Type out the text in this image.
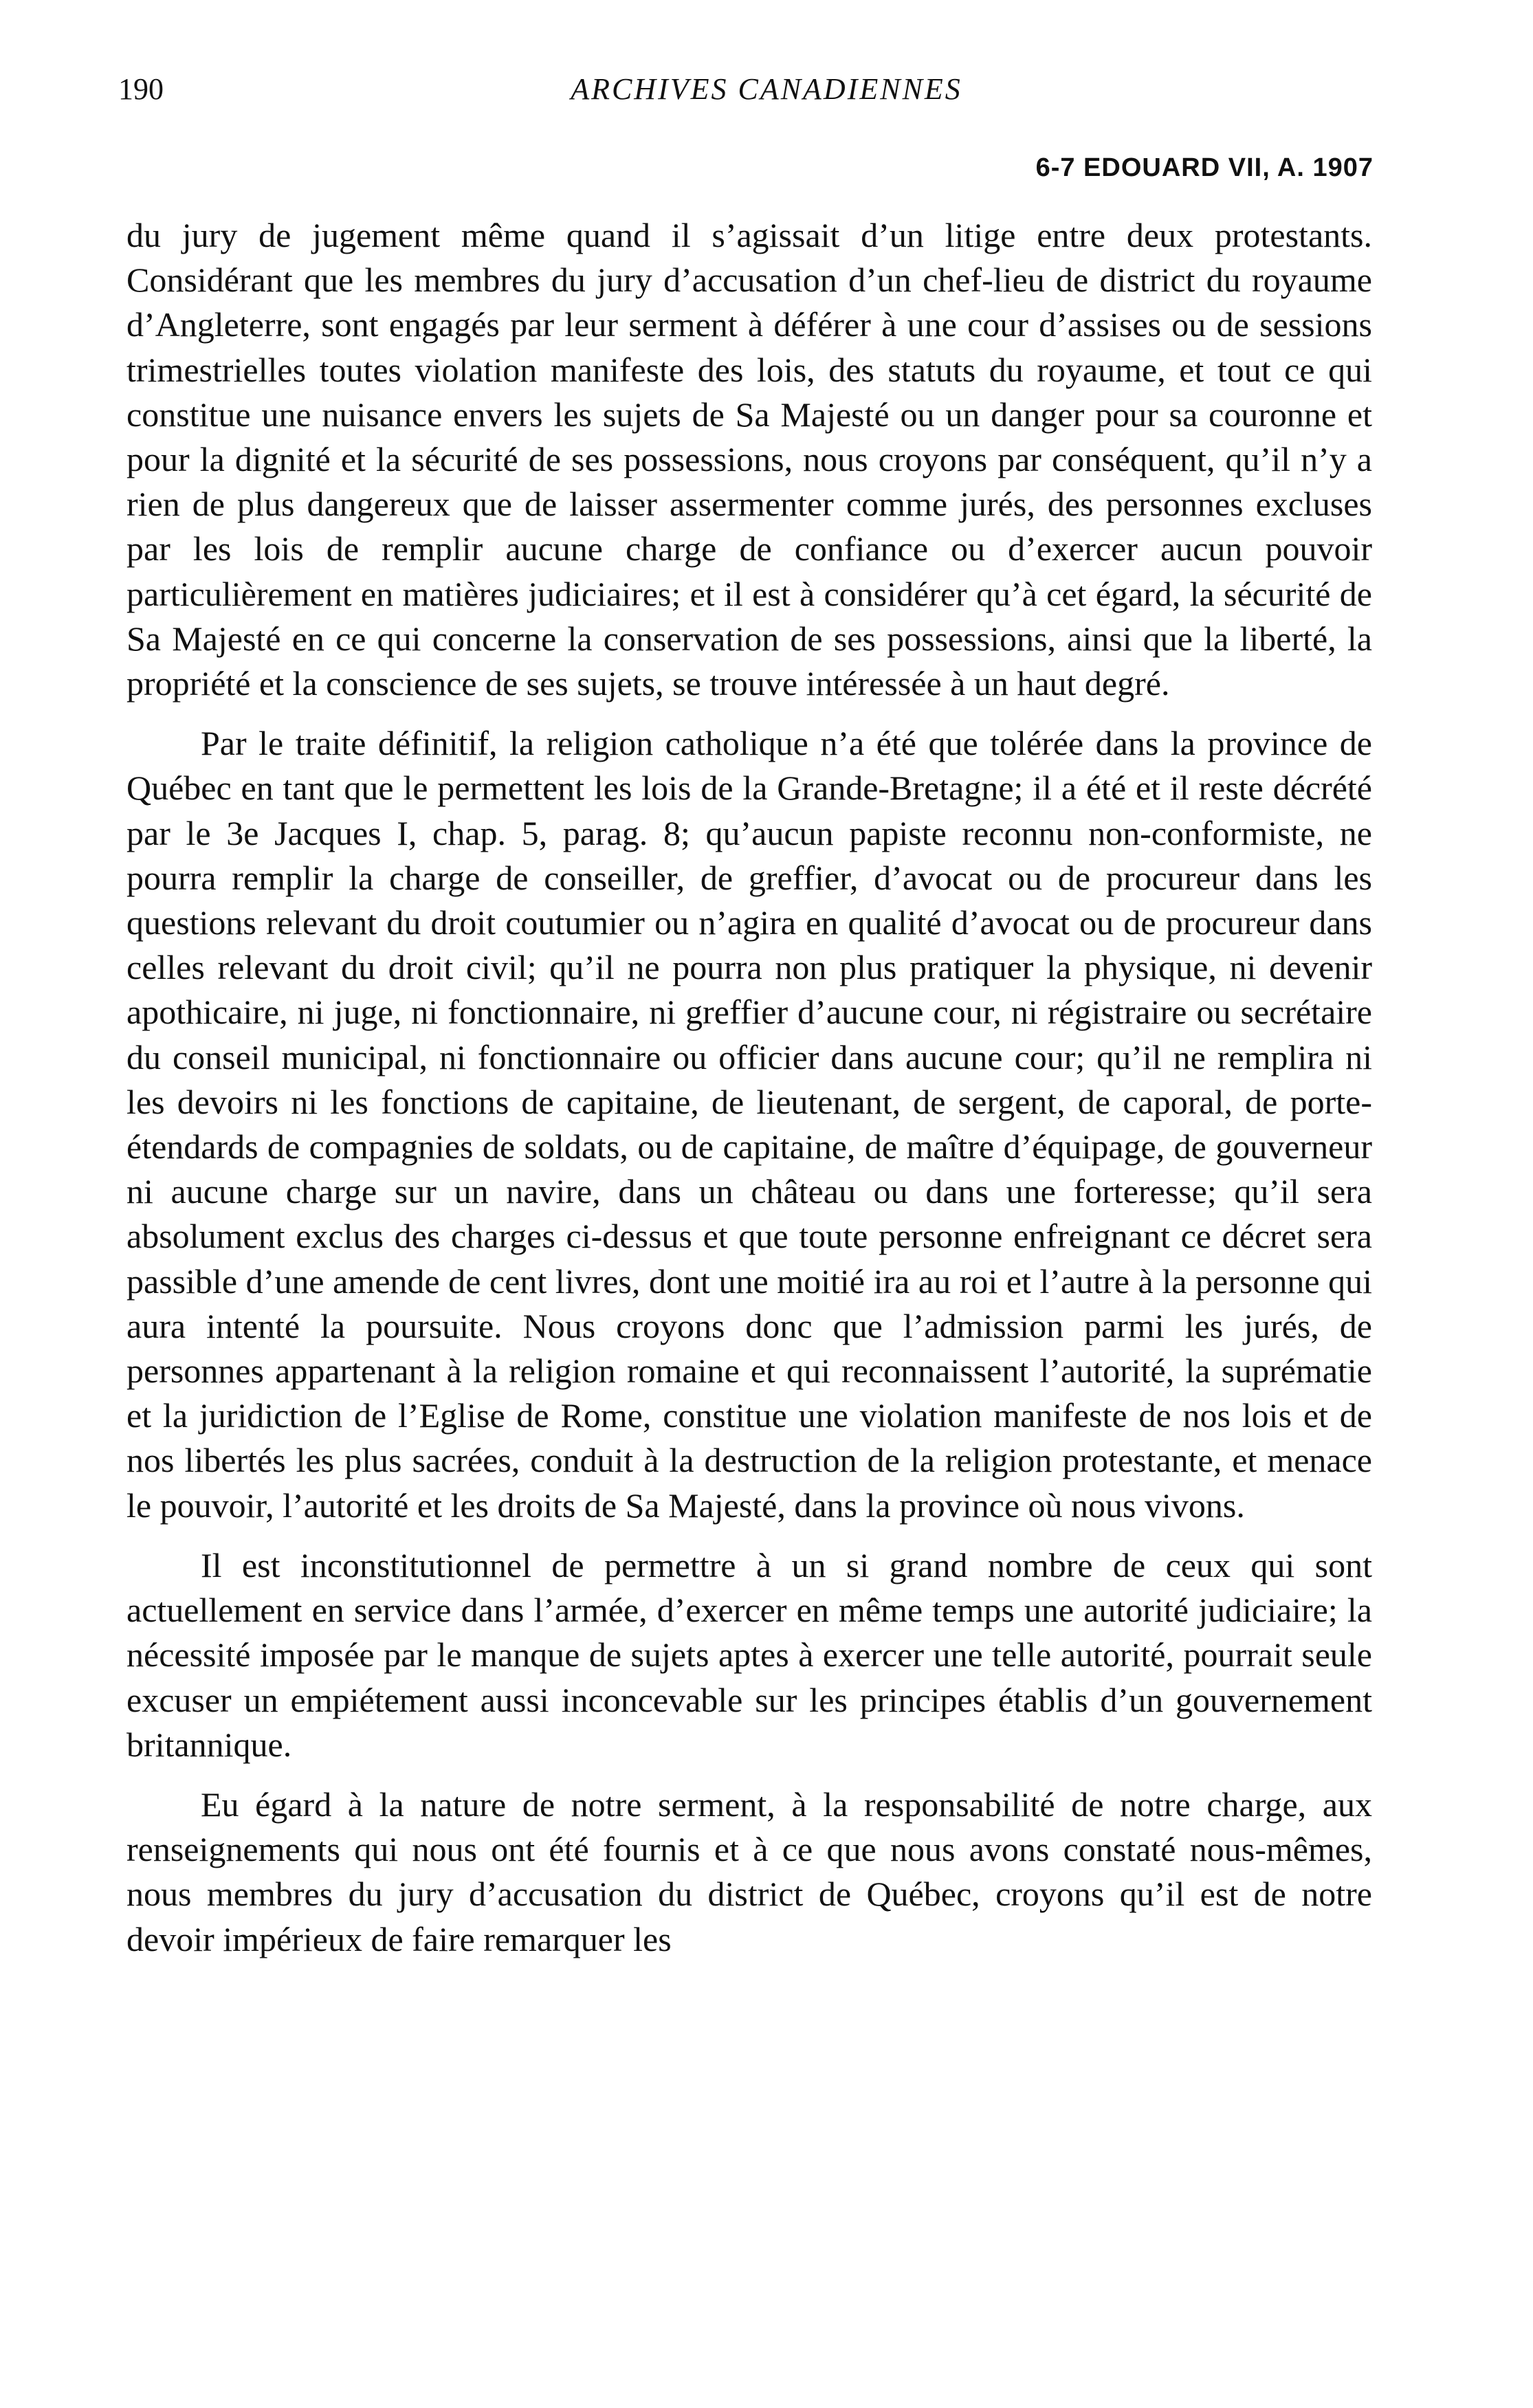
190	ARCHIVES CANADIENNES
6-7 EDOUARD VII, A. 1907

du jury de jugement même quand il s’agissait d’un litige entre deux protestants. Considérant que les membres du jury d’accusation d’un chef-lieu de district du royaume d’Angleterre, sont engagés par leur serment à déférer à une cour d’assises ou de sessions trimestrielles toutes violation manifeste des lois, des statuts du royaume, et tout ce qui constitue une nuisance envers les sujets de Sa Majesté ou un danger pour sa couronne et pour la dignité et la sécurité de ses possessions, nous croyons par conséquent, qu’il n’y a rien de plus dangereux que de laisser assermenter comme jurés, des personnes excluses par les lois de remplir aucune charge de confiance ou d’exercer aucun pouvoir particulièrement en matières judiciaires; et il est à considérer qu’à cet égard, la sécurité de Sa Majesté en ce qui concerne la conservation de ses possessions, ainsi que la liberté, la propriété et la conscience de ses sujets, se trouve intéressée à un haut degré.

Par le traite définitif, la religion catholique n’a été que tolérée dans la province de Québec en tant que le permettent les lois de la Grande-Bretagne; il a été et il reste décrété par le 3e Jacques I, chap. 5, parag. 8; qu’aucun papiste reconnu non-conformiste, ne pourra remplir la charge de conseiller, de greffier, d’avocat ou de procureur dans les questions relevant du droit coutumier ou n’agira en qualité d’avocat ou de procureur dans celles relevant du droit civil; qu’il ne pourra non plus pratiquer la physique, ni devenir apothicaire, ni juge, ni fonctionnaire, ni greffier d’aucune cour, ni régistraire ou secrétaire du conseil municipal, ni fonctionnaire ou officier dans aucune cour; qu’il ne remplira ni les devoirs ni les fonctions de capitaine, de lieutenant, de sergent, de caporal, de porte-étendards de compagnies de soldats, ou de capitaine, de maître d’équipage, de gouverneur ni aucune charge sur un navire, dans un château ou dans une forteresse; qu’il sera absolument exclus des charges ci-dessus et que toute personne enfreignant ce décret sera passible d’une amende de cent livres, dont une moitié ira au roi et l’autre à la personne qui aura intenté la poursuite. Nous croyons donc que l’admission parmi les jurés, de personnes appartenant à la religion romaine et qui reconnaissent l’autorité, la suprématie et la juridiction de l’Eglise de Rome, constitue une violation manifeste de nos lois et de nos libertés les plus sacrées, conduit à la destruction de la religion protestante, et menace le pouvoir, l’autorité et les droits de Sa Majesté, dans la province où nous vivons.

Il est inconstitutionnel de permettre à un si grand nombre de ceux qui sont actuellement en service dans l’armée, d’exercer en même temps une autorité judiciaire; la nécessité imposée par le manque de sujets aptes à exercer une telle autorité, pourrait seule excuser un empiétement aussi inconcevable sur les principes établis d’un gouvernement britannique.

Eu égard à la nature de notre serment, à la responsabilité de notre charge, aux renseignements qui nous ont été fournis et à ce que nous avons constaté nous-mêmes, nous membres du jury d’accusation du district de Québec, croyons qu’il est de notre devoir impérieux de faire remarquer les
